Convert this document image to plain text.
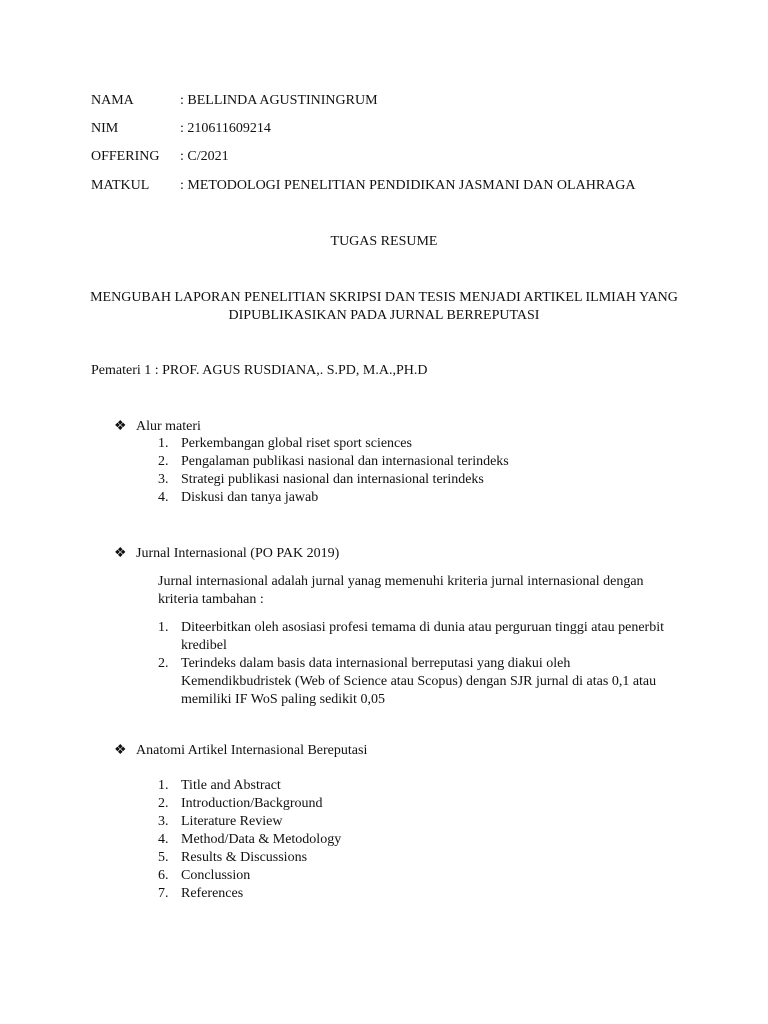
NAMA	: BELLINDA AGUSTININGRUM
NIM	: 210611609214
OFFERING : C/2021
MATKUL : METODOLOGI PENELITIAN PENDIDIKAN JASMANI DAN OLAHRAGA
TUGAS RESUME
MENGUBAH LAPORAN PENELITIAN SKRIPSI DAN TESIS MENJADI ARTIKEL ILMIAH YANG
DIPUBLIKASIKAN PADA JURNAL BERREPUTASI
Pemateri 1 : PROF. AGUS RUSDIANA,. S.PD, M.A.,PH.D
❖ Alur materi
1. Perkembangan global riset sport sciences
2. Pengalaman publikasi nasional dan internasional terindeks
3. Strategi publikasi nasional dan internasional terindeks
4. Diskusi dan tanya jawab
❖ Jurnal Internasional (PO PAK 2019)
Jurnal internasional adalah jurnal yanag memenuhi kriteria jurnal internasional dengan kriteria tambahan :
1. Diteerbitkan oleh asosiasi profesi temama di dunia atau perguruan tinggi atau penerbit kredibel
2. Terindeks dalam basis data internasional berreputasi yang diakui oleh Kemendikbudristek (Web of Science atau Scopus) dengan SJR jurnal di atas 0,1 atau memiliki IF WoS paling sedikit 0,05
❖ Anatomi Artikel Internasional Bereputasi
1. Title and Abstract
2. Introduction/Background
3. Literature Review
4. Method/Data & Metodology
5. Results & Discussions
6. Conclussion
7. References
